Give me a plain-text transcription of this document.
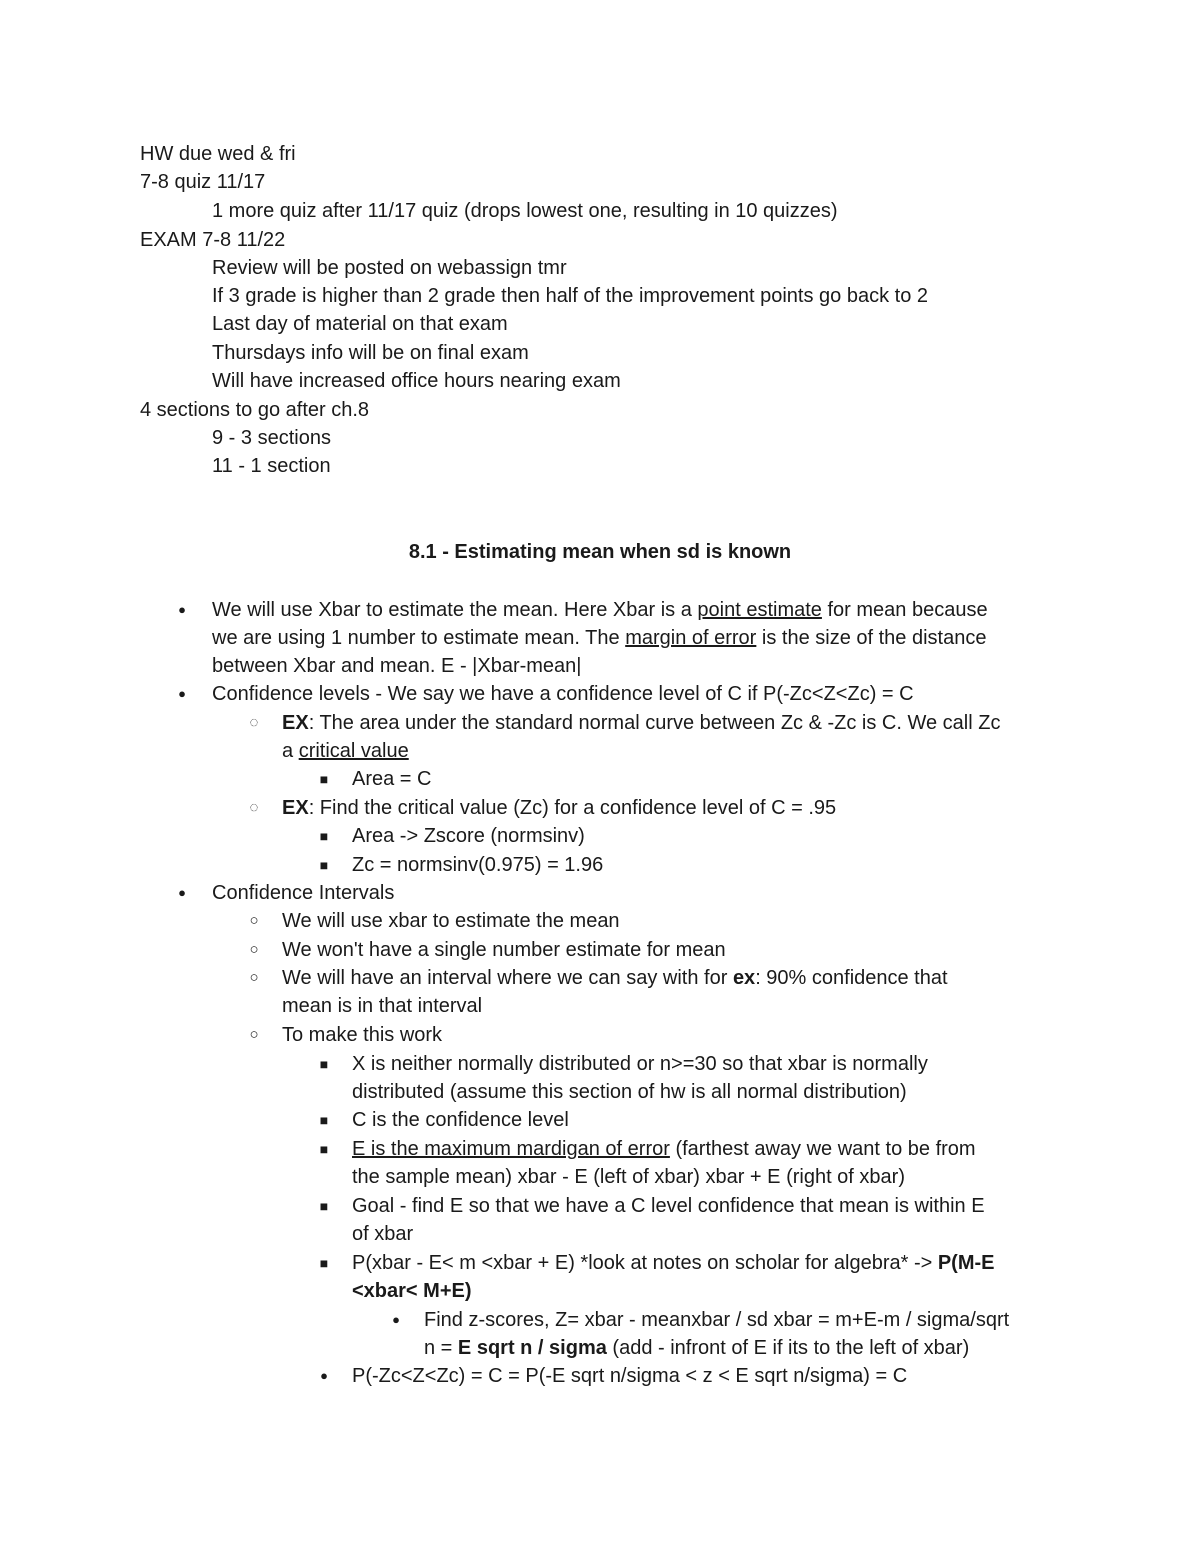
HW due wed & fri
7-8 quiz 11/17
1 more quiz after 11/17 quiz (drops lowest one, resulting in 10 quizzes)
EXAM 7-8 11/22
Review will be posted on webassign tmr
If 3 grade is higher than 2 grade then half of the improvement points go back to 2
Last day of material on that exam
Thursdays info will be on final exam
Will have increased office hours nearing exam
4 sections to go after ch.8
9 - 3 sections
11 - 1 section
8.1 - Estimating mean when sd is known
●	We will use Xbar to estimate the mean. Here Xbar is a point estimate for mean because
we are using 1 number to estimate mean. The margin of error is the size of the distance
between Xbar and mean. E - |Xbar-mean|
●	Confidence levels - We say we have a confidence level of C if P(-Zc<Z<Zc) = C
◌ EX: The area under the standard normal curve between Zc & -Zc is C. We call Zc
a critical value
■ Area = C
◌ EX: Find the critical value (Zc) for a confidence level of C = .95
■ Area -> Zscore (normsinv)
■ Zc = normsinv(0.975) = 1.96
●	Confidence Intervals
○ We will use xbar to estimate the mean
○ We won't have a single number estimate for mean
○ We will have an interval where we can say with for ex: 90% confidence that
mean is in that interval
○ To make this work
■ X is neither normally distributed or n>=30 so that xbar is normally
distributed (assume this section of hw is all normal distribution)
■ C is the confidence level
■ E is the maximum mardigan of error (farthest away we want to be from
the sample mean) xbar - E (left of xbar) xbar + E (right of xbar)
■ Goal - find E so that we have a C level confidence that mean is within E
of xbar
■ P(xbar - E< m <xbar + E) *look at notes on scholar for algebra* -> P(M-E
<xbar< M+E)
●	Find z-scores, Z= xbar - meanxbar / sd xbar = m+E-m / sigma/sqrt
n = E sqrt n / sigma (add - infront of E if its to the left of xbar)
●	P(-Zc<Z<Zc) = C = P(-E sqrt n/sigma < z < E sqrt n/sigma) = C
